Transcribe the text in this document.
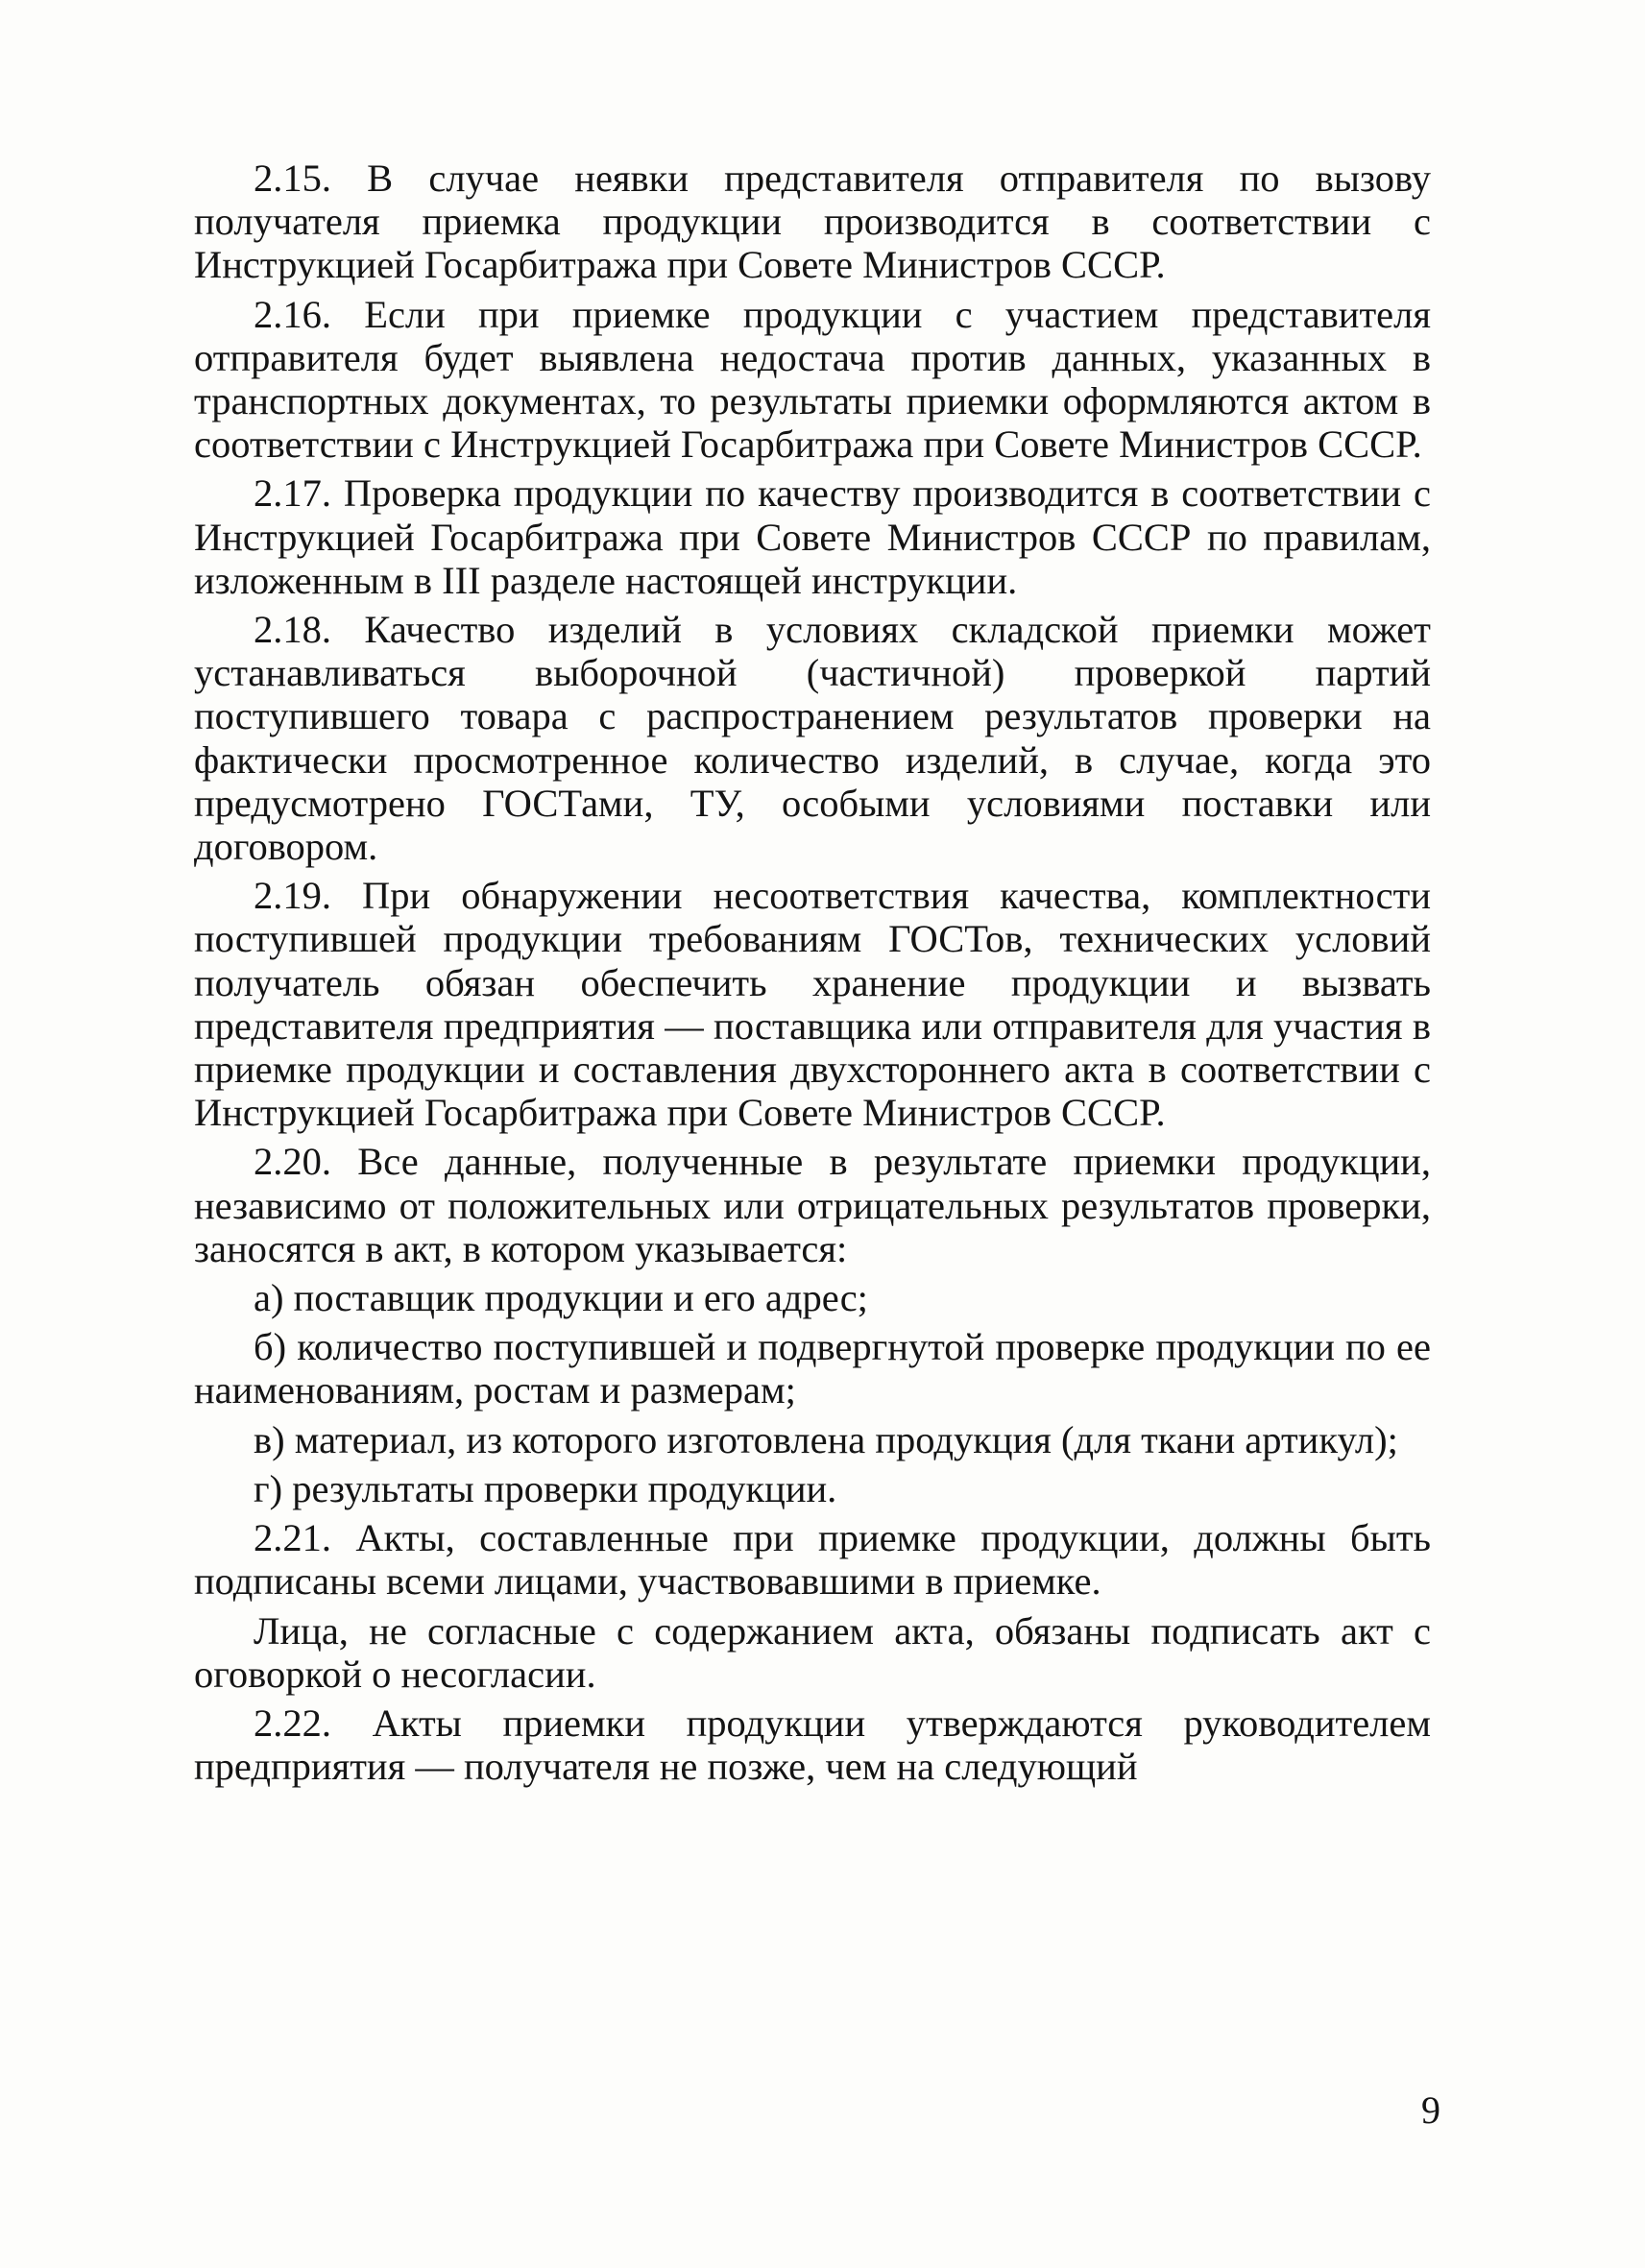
2.15. В случае неявки представителя отправителя по вызову получателя приемка продукции производится в соответствии с Инструкцией Госарбитража при Совете Министров СССР.

2.16. Если при приемке продукции с участием представителя отправителя будет выявлена недостача против данных, указанных в транспортных документах, то результаты приемки оформляются актом в соответствии с Инструкцией Госарбитража при Совете Министров СССР.

2.17. Проверка продукции по качеству производится в соответствии с Инструкцией Госарбитража при Совете Министров СССР по правилам, изложенным в III разделе настоящей инструкции.

2.18. Качество изделий в условиях складской приемки может устанавливаться выборочной (частичной) проверкой партий поступившего товара с распространением результатов проверки на фактически просмотренное количество изделий, в случае, когда это предусмотрено ГОСТами, ТУ, особыми условиями поставки или договором.

2.19. При обнаружении несоответствия качества, комплектности поступившей продукции требованиям ГОСТов, технических условий получатель обязан обеспечить хранение продукции и вызвать представителя предприятия — поставщика или отправителя для участия в приемке продукции и составления двухстороннего акта в соответствии с Инструкцией Госарбитража при Совете Министров СССР.

2.20. Все данные, полученные в результате приемки продукции, независимо от положительных или отрицательных результатов проверки, заносятся в акт, в котором указывается:

а) поставщик продукции и его адрес;

б) количество поступившей и подвергнутой проверке продукции по ее наименованиям, ростам и размерам;

в) материал, из которого изготовлена продукция (для ткани артикул);

г) результаты проверки продукции.

2.21. Акты, составленные при приемке продукции, должны быть подписаны всеми лицами, участвовавшими в приемке.

Лица, не согласные с содержанием акта, обязаны подписать акт с оговоркой о несогласии.

2.22. Акты приемки продукции утверждаются руководителем предприятия — получателя не позже, чем на следующий

9
